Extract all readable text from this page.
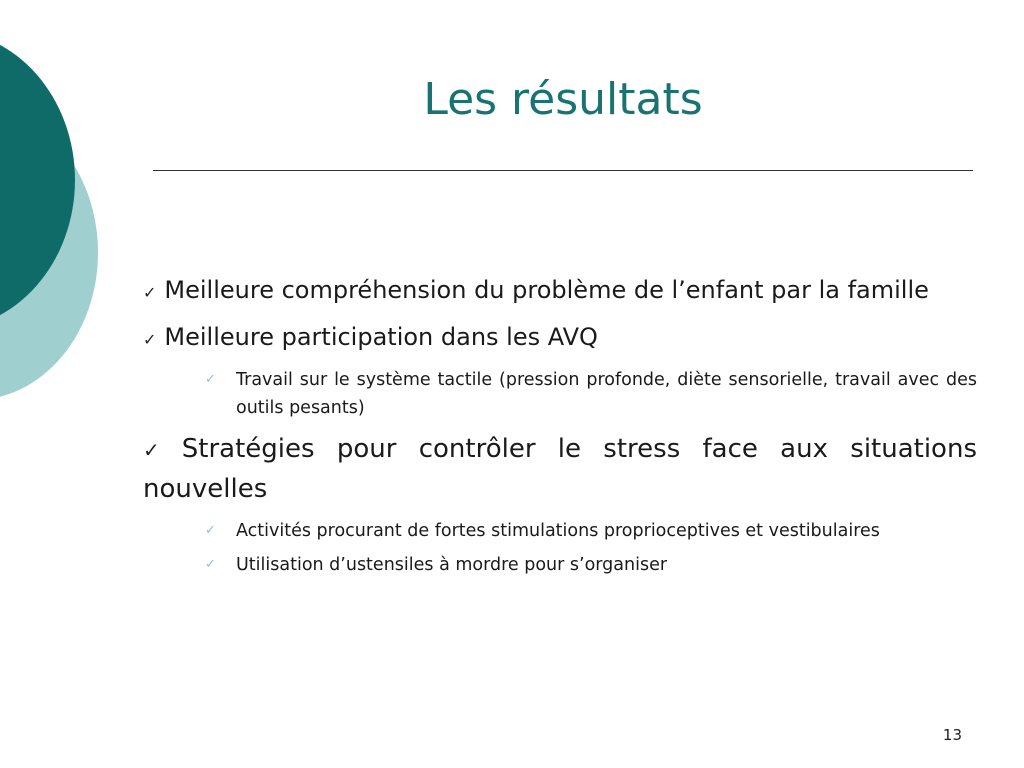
Les résultats
✓ Meilleure compréhension du problème de l’enfant par la famille
✓ Meilleure participation dans les AVQ
✓ Travail sur le système tactile (pression profonde, diète sensorielle, travail avec des outils pesants)
✓ Stratégies pour contrôler le stress face aux situations nouvelles
✓ Activités procurant de fortes stimulations proprioceptives et vestibulaires
✓ Utilisation d’ustensiles à mordre pour s’organiser
13
